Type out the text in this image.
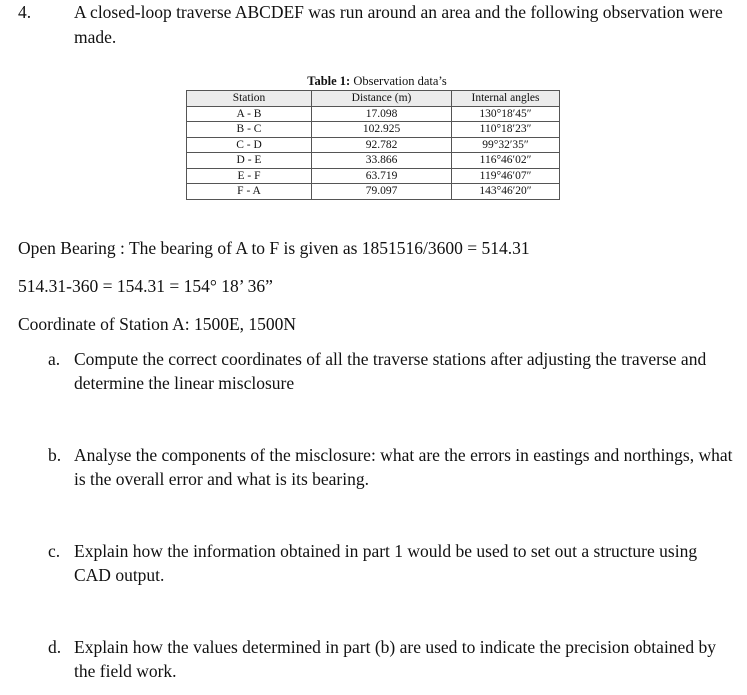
4.	A closed-loop traverse ABCDEF was run around an area and the following observation were made.
Table 1: Observation data’s
Station	Distance (m)	Internal angles
A - B	17.098	130°18′45″
B - C	102.925	110°18′23″
C - D	92.782	99°32′35″
D - E	33.866	116°46′02″
E - F	63.719	119°46′07″
F - A	79.097	143°46′20″
Open Bearing : The bearing of A to F is given as 1851516/3600 = 514.31
514.31-360 = 154.31 = 154° 18’ 36”
Coordinate of Station A: 1500E, 1500N
a. Compute the correct coordinates of all the traverse stations after adjusting the traverse and determine the linear misclosure
b. Analyse the components of the misclosure: what are the errors in eastings and northings, what is the overall error and what is its bearing.
c. Explain how the information obtained in part 1 would be used to set out a structure using CAD output.
d. Explain how the values determined in part (b) are used to indicate the precision obtained by the field work.
